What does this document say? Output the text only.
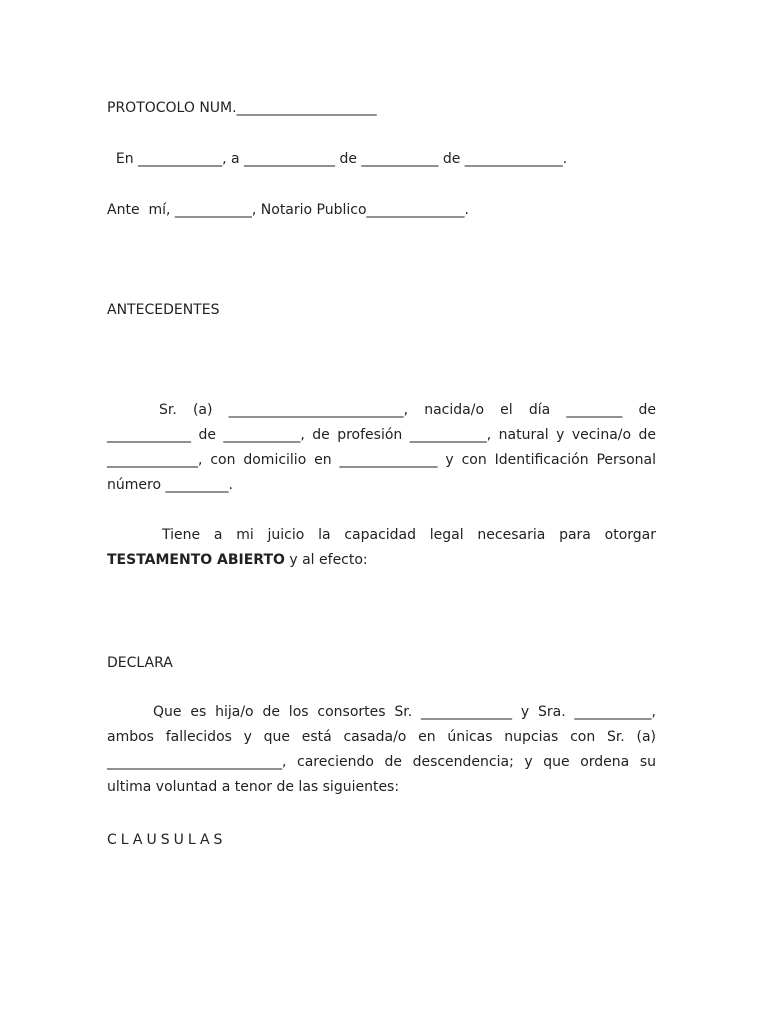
PROTOCOLO NUM.____________________
En ____________, a _____________ de ___________ de ______________.
Ante  mí, ___________, Notario Publico______________.
ANTECEDENTES
Sr. (a) _________________________, nacida/o el día ________ de ____________ de ___________, de profesión ___________, natural y vecina/o de _____________, con domicilio en ______________ y con Identificación Personal número _________.
Tiene a mi juicio la capacidad legal necesaria para otorgar TESTAMENTO ABIERTO y al efecto:
DECLARA
Que es hija/o de los consortes Sr. _____________ y Sra. ___________, ambos fallecidos y que está casada/o en únicas nupcias con Sr. (a) _________________________, careciendo de descendencia; y que ordena su ultima voluntad a tenor de las siguientes:
CLAUSULAS
